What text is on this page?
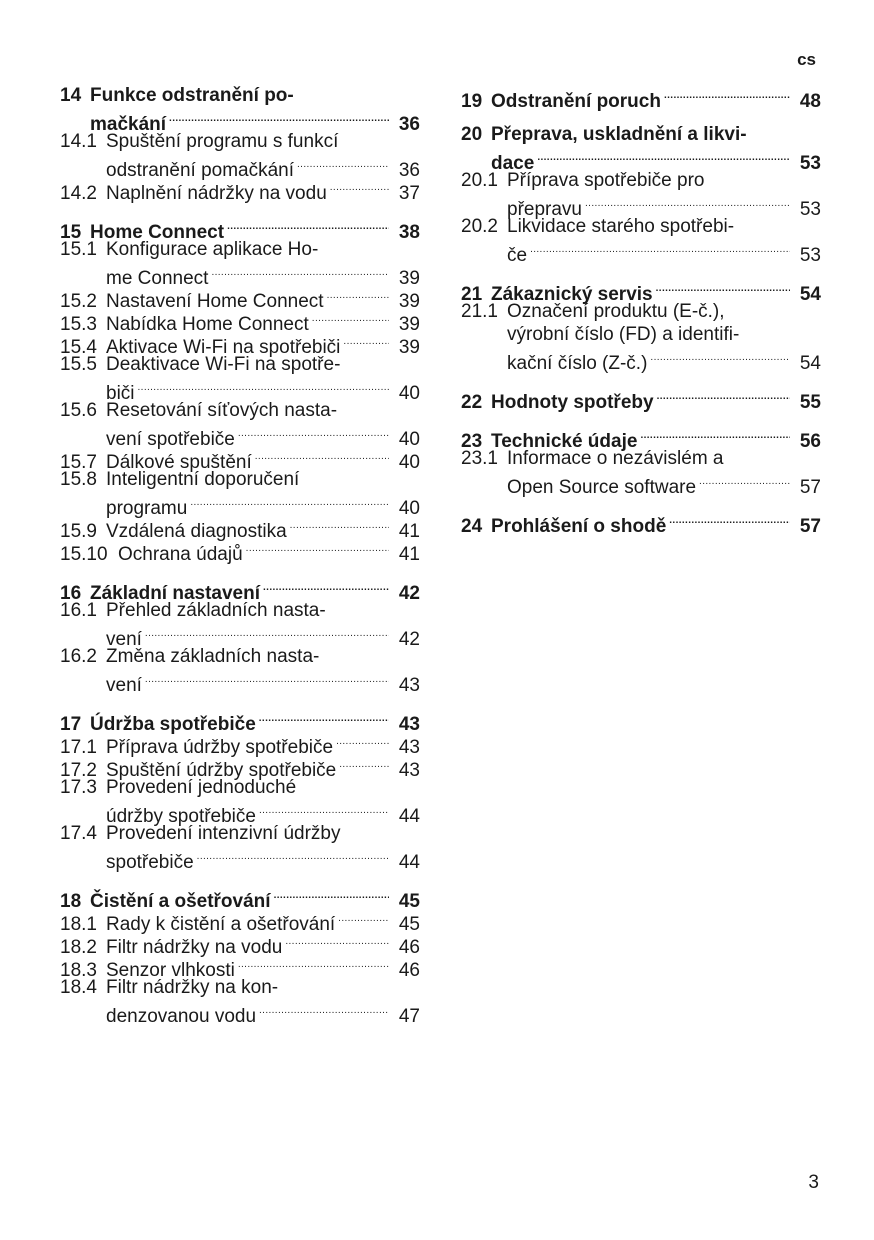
cs
14 Funkce odstranění po-
mačkání . . .	36
14.1 Spuštění programu s funkcí
odstranění pomačkání . . .	36
14.2 Naplnění nádržky na vodu . . .	37
15 Home Connect . . .	38
15.1 Konfigurace aplikace Ho-
me Connect . . .	39
15.2 Nastavení Home Connect . . .	39
15.3 Nabídka Home Connect . . .	39
15.4 Aktivace Wi-Fi na spotřebiči . . .	39
15.5 Deaktivace Wi-Fi na spotře-
biči . . .	40
15.6 Resetování síťových nasta-
vení spotřebiče . . .	40
15.7 Dálkové spuštění . . .	40
15.8 Inteligentní doporučení
programu . . .	40
15.9 Vzdálená diagnostika . . .	41
15.10 Ochrana údajů . . .	41
16 Základní nastavení . . .	42
16.1 Přehled základních nasta-
vení . . .	42
16.2 Změna základních nasta-
vení . . .	43
17 Údržba spotřebiče . . .	43
17.1 Příprava údržby spotřebiče . . .	43
17.2 Spuštění údržby spotřebiče . . .	43
17.3 Provedení jednoduché
údržby spotřebiče . . .	44
17.4 Provedení intenzivní údržby
spotřebiče . . .	44
18 Čistění a ošetřování . . .	45
18.1 Rady k čistění a ošetřování . . .	45
18.2 Filtr nádržky na vodu . . .	46
18.3 Senzor vlhkosti . . .	46
18.4 Filtr nádržky na kon-
denzovanou vodu . . .	47
19 Odstranění poruch . . .	48
20 Přeprava, uskladnění a likvi-
dace . . .	53
20.1 Příprava spotřebiče pro
přepravu . . .	53
20.2 Likvidace starého spotřebi-
če . . .	53
21 Zákaznický servis . . .	54
21.1 Označení produktu (E-č.),
výrobní číslo (FD) a identifi-
kační číslo (Z-č.) . . .	54
22 Hodnoty spotřeby . . .	55
23 Technické údaje . . .	56
23.1 Informace o nezávislém a
Open Source software . . .	57
24 Prohlášení o shodě . . .	57
3
